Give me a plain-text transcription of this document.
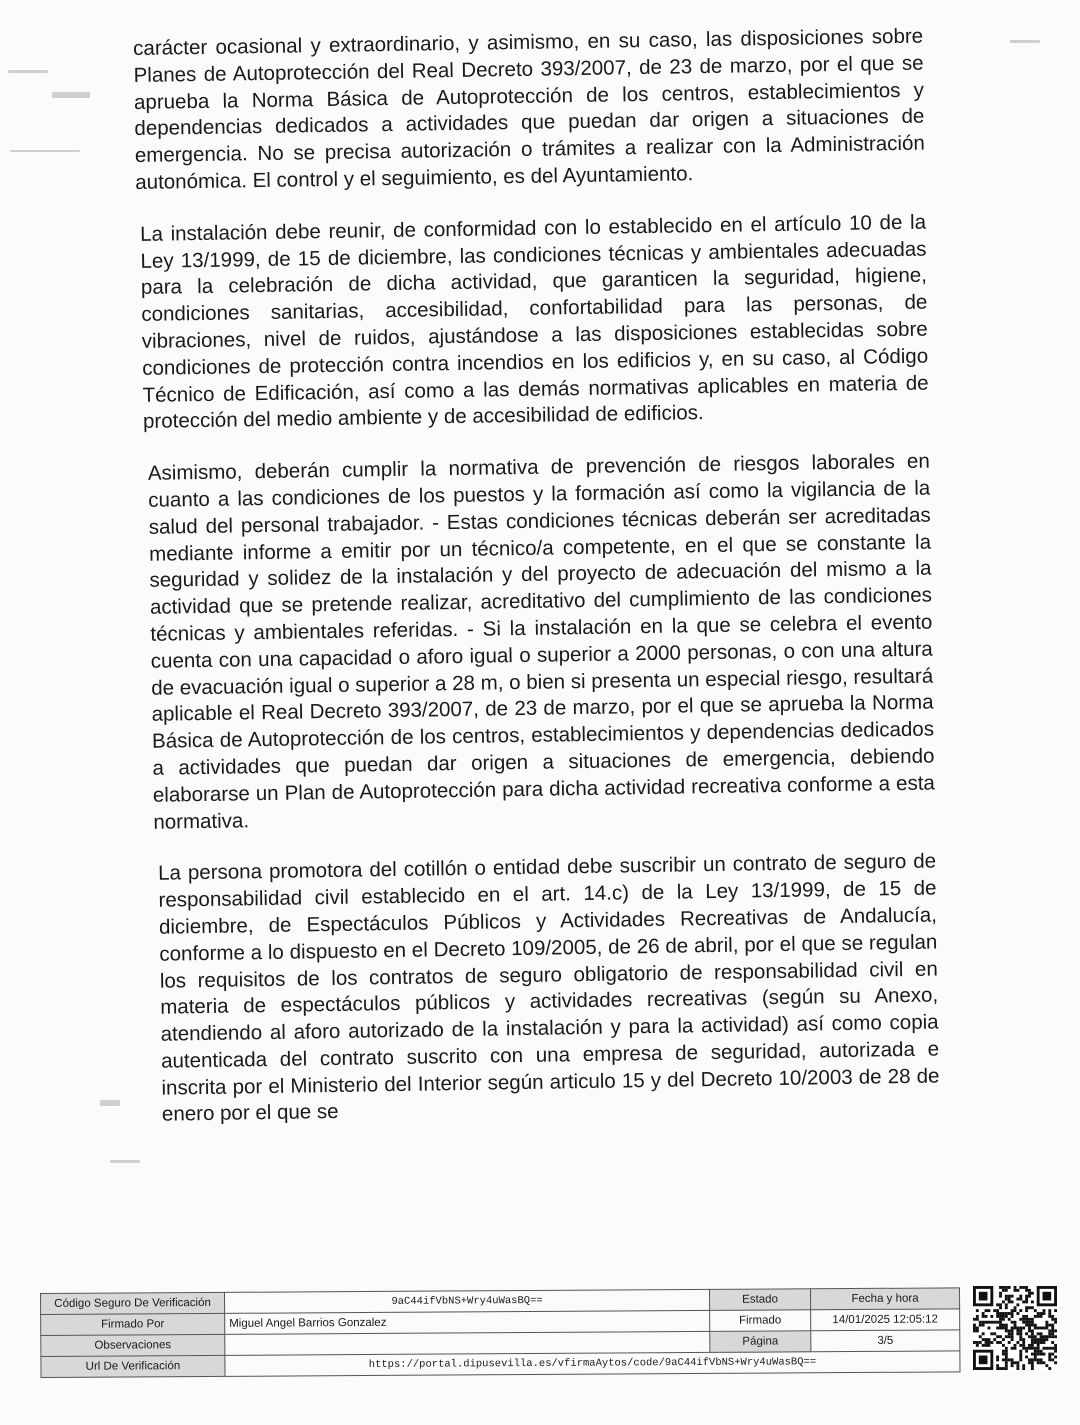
carácter ocasional y extraordinario, y asimismo, en su caso, las disposiciones sobre Planes de Autoprotección del Real Decreto 393/2007, de 23 de marzo, por el que se aprueba la Norma Básica de Autoprotección de los centros, establecimientos y dependencias dedicados a actividades que puedan dar origen a situaciones de emergencia. No se precisa autorización o trámites a realizar con la Administración autonómica. El control y el seguimiento, es del Ayuntamiento.

La instalación debe reunir, de conformidad con lo establecido en el artículo 10 de la Ley 13/1999, de 15 de diciembre, las condiciones técnicas y ambientales adecuadas para la celebración de dicha actividad, que garanticen la seguridad, higiene, condiciones sanitarias, accesibilidad, confortabilidad para las personas, de vibraciones, nivel de ruidos, ajustándose a las disposiciones establecidas sobre condiciones de protección contra incendios en los edificios y, en su caso, al Código Técnico de Edificación, así como a las demás normativas aplicables en materia de protección del medio ambiente y de accesibilidad de edificios.

Asimismo, deberán cumplir la normativa de prevención de riesgos laborales en cuanto a las condiciones de los puestos y la formación así como la vigilancia de la salud del personal trabajador. - Estas condiciones técnicas deberán ser acreditadas mediante informe a emitir por un técnico/a competente, en el que se constante la seguridad y solidez de la instalación y del proyecto de adecuación del mismo a la actividad que se pretende realizar, acreditativo del cumplimiento de las condiciones técnicas y ambientales referidas. - Si la instalación en la que se celebra el evento cuenta con una capacidad o aforo igual o superior a 2000 personas, o con una altura de evacuación igual o superior a 28 m, o bien si presenta un especial riesgo, resultará aplicable el Real Decreto 393/2007, de 23 de marzo, por el que se aprueba la Norma Básica de Autoprotección de los centros, establecimientos y dependencias dedicados a actividades que puedan dar origen a situaciones de emergencia, debiendo elaborarse un Plan de Autoprotección para dicha actividad recreativa conforme a esta normativa.

La persona promotora del cotillón o entidad debe suscribir un contrato de seguro de responsabilidad civil establecido en el art. 14.c) de la Ley 13/1999, de 15 de diciembre, de Espectáculos Públicos y Actividades Recreativas de Andalucía, conforme a lo dispuesto en el Decreto 109/2005, de 26 de abril, por el que se regulan los requisitos de los contratos de seguro obligatorio de responsabilidad civil en materia de espectáculos públicos y actividades recreativas (según su Anexo, atendiendo al aforo autorizado de la instalación y para la actividad) así como copia autenticada del contrato suscrito con una empresa de seguridad, autorizada e inscrita por el Ministerio del Interior según articulo 15 y del Decreto 10/2003 de 28 de enero por el que se

Código Seguro De Verificación	9aC44ifVbNS+Wry4uWasBQ==	Estado	Fecha y hora
Firmado Por	Miguel Angel Barrios Gonzalez	Firmado	14/01/2025 12:05:12
Observaciones		Página	3/5
Url De Verificación	https://portal.dipusevilla.es/vfirmaAytos/code/9aC44ifVbNS+Wry4uWasBQ==		
